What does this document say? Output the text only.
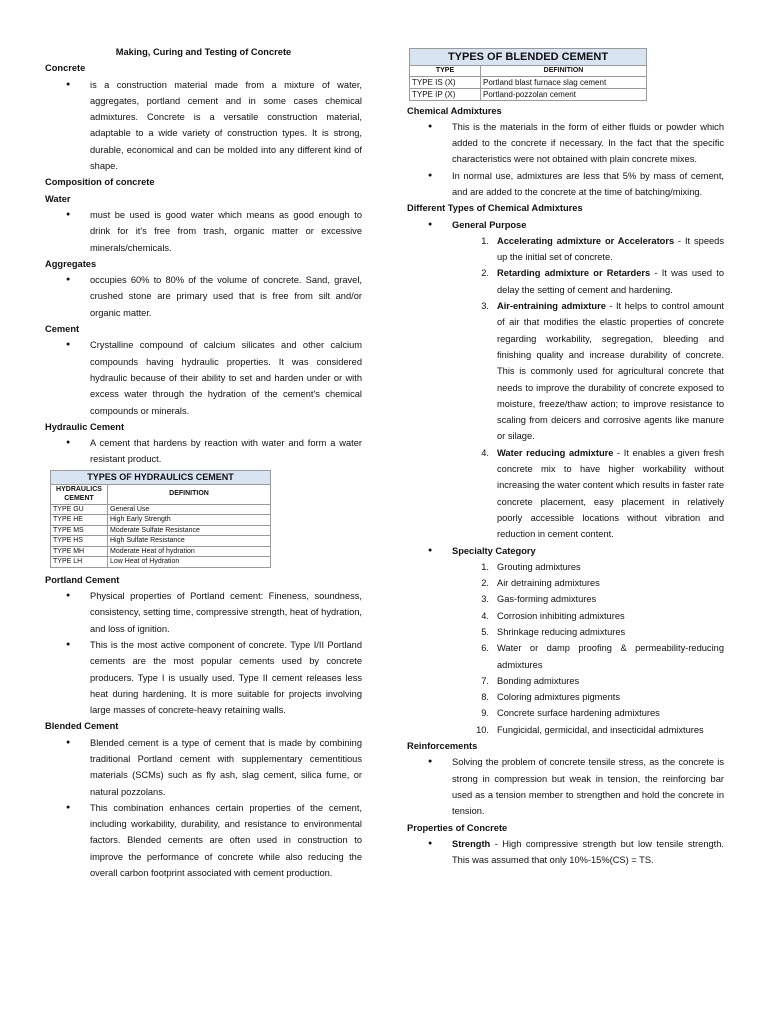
Making, Curing and Testing of Concrete
Concrete
● is a construction material made from a mixture of water, aggregates, portland cement and in some cases chemical admixtures. Concrete is a versatile construction material, adaptable to a wide variety of construction types. It is strong, durable, economical and can be molded into any different kind of shape.
Composition of concrete
Water
● must be used is good water which means as good enough to drink for it's free from trash, organic matter or excessive minerals/chemicals.
Aggregates
● occupies 60% to 80% of the volume of concrete. Sand, gravel, crushed stone are primary used that is free from silt and/or organic matter.
Cement
● Crystalline compound of calcium silicates and other calcium compounds having hydraulic properties. It was considered hydraulic because of their ability to set and harden under or with excess water through the hydration of the cement's chemical compounds or minerals.
Hydraulic Cement
● A cement that hardens by reaction with water and form a water resistant product.
TYPES OF HYDRAULICS CEMENT	
HYDRAULICS CEMENT	DEFINITION
TYPE GU	General Use
TYPE HE	High Early Strength
TYPE MS	Moderate Sulfate Resistance
TYPE HS	High Sulfate Resistance
TYPE MH	Moderate Heat of hydration
TYPE LH	Low Heat of Hydration
Portland Cement
● Physical properties of Portland cement: Fineness, soundness, consistency, setting time, compressive strength, heat of hydration, and loss of ignition.
● This is the most active component of concrete. Type I/II Portland cements are the most popular cements used by concrete producers. Type I is usually used. Type II cement releases less heat during hardening. It is more suitable for projects involving large masses of concrete-heavy retaining walls.
Blended Cement
● Blended cement is a type of cement that is made by combining traditional Portland cement with supplementary cementitious materials (SCMs) such as fly ash, slag cement, silica fume, or natural pozzolans.
● This combination enhances certain properties of the cement, including workability, durability, and resistance to environmental factors. Blended cements are often used in construction to improve the performance of concrete while also reducing the overall carbon footprint associated with cement production.
TYPES OF BLENDED CEMENT	
TYPE	DEFINITION
TYPE IS (X)	Portland blast furnace slag cement
TYPE IP (X)	Portland-pozzolan cement
Chemical Admixtures
● This is the materials in the form of either fluids or powder which added to the concrete if necessary. In the fact that the specific characteristics were not obtained with plain concrete mixes.
● In normal use, admixtures are less that 5% by mass of cement, and are added to the concrete at the time of batching/mixing.
Different Types of Chemical Admixtures
● General Purpose
1. Accelerating admixture or Accelerators - It speeds up the initial set of concrete.
2. Retarding admixture or Retarders - It was used to delay the setting of cement and hardening.
3. Air-entraining admixture - It helps to control amount of air that modifies the elastic properties of concrete regarding workability, segregation, bleeding and finishing quality and increase durability of concrete. This is commonly used for agricultural concrete that needs to improve the durability of concrete exposed to moisture, freeze/thaw action; to improve resistance to scaling from deicers and corrosive agents like manure or silage.
4. Water reducing admixture - It enables a given fresh concrete mix to have higher workability without increasing the water content which results in faster rate concrete placement, easy placement in relatively poorly accessible locations without vibration and reduction in cement content.
● Specialty Category
1. Grouting admixtures
2. Air detraining admixtures
3. Gas-forming admixtures
4. Corrosion inhibiting admixtures
5. Shrinkage reducing admixtures
6. Water or damp proofing & permeability-reducing admixtures
7. Bonding admixtures
8. Coloring admixtures pigments
9. Concrete surface hardening admixtures
10. Fungicidal, germicidal, and insecticidal admixtures
Reinforcements
● Solving the problem of concrete tensile stress, as the concrete is strong in compression but weak in tension, the reinforcing bar used as a tension member to strengthen and hold the concrete in tension.
Properties of Concrete
● Strength - High compressive strength but low tensile strength. This was assumed that only 10%-15%(CS) = TS.
